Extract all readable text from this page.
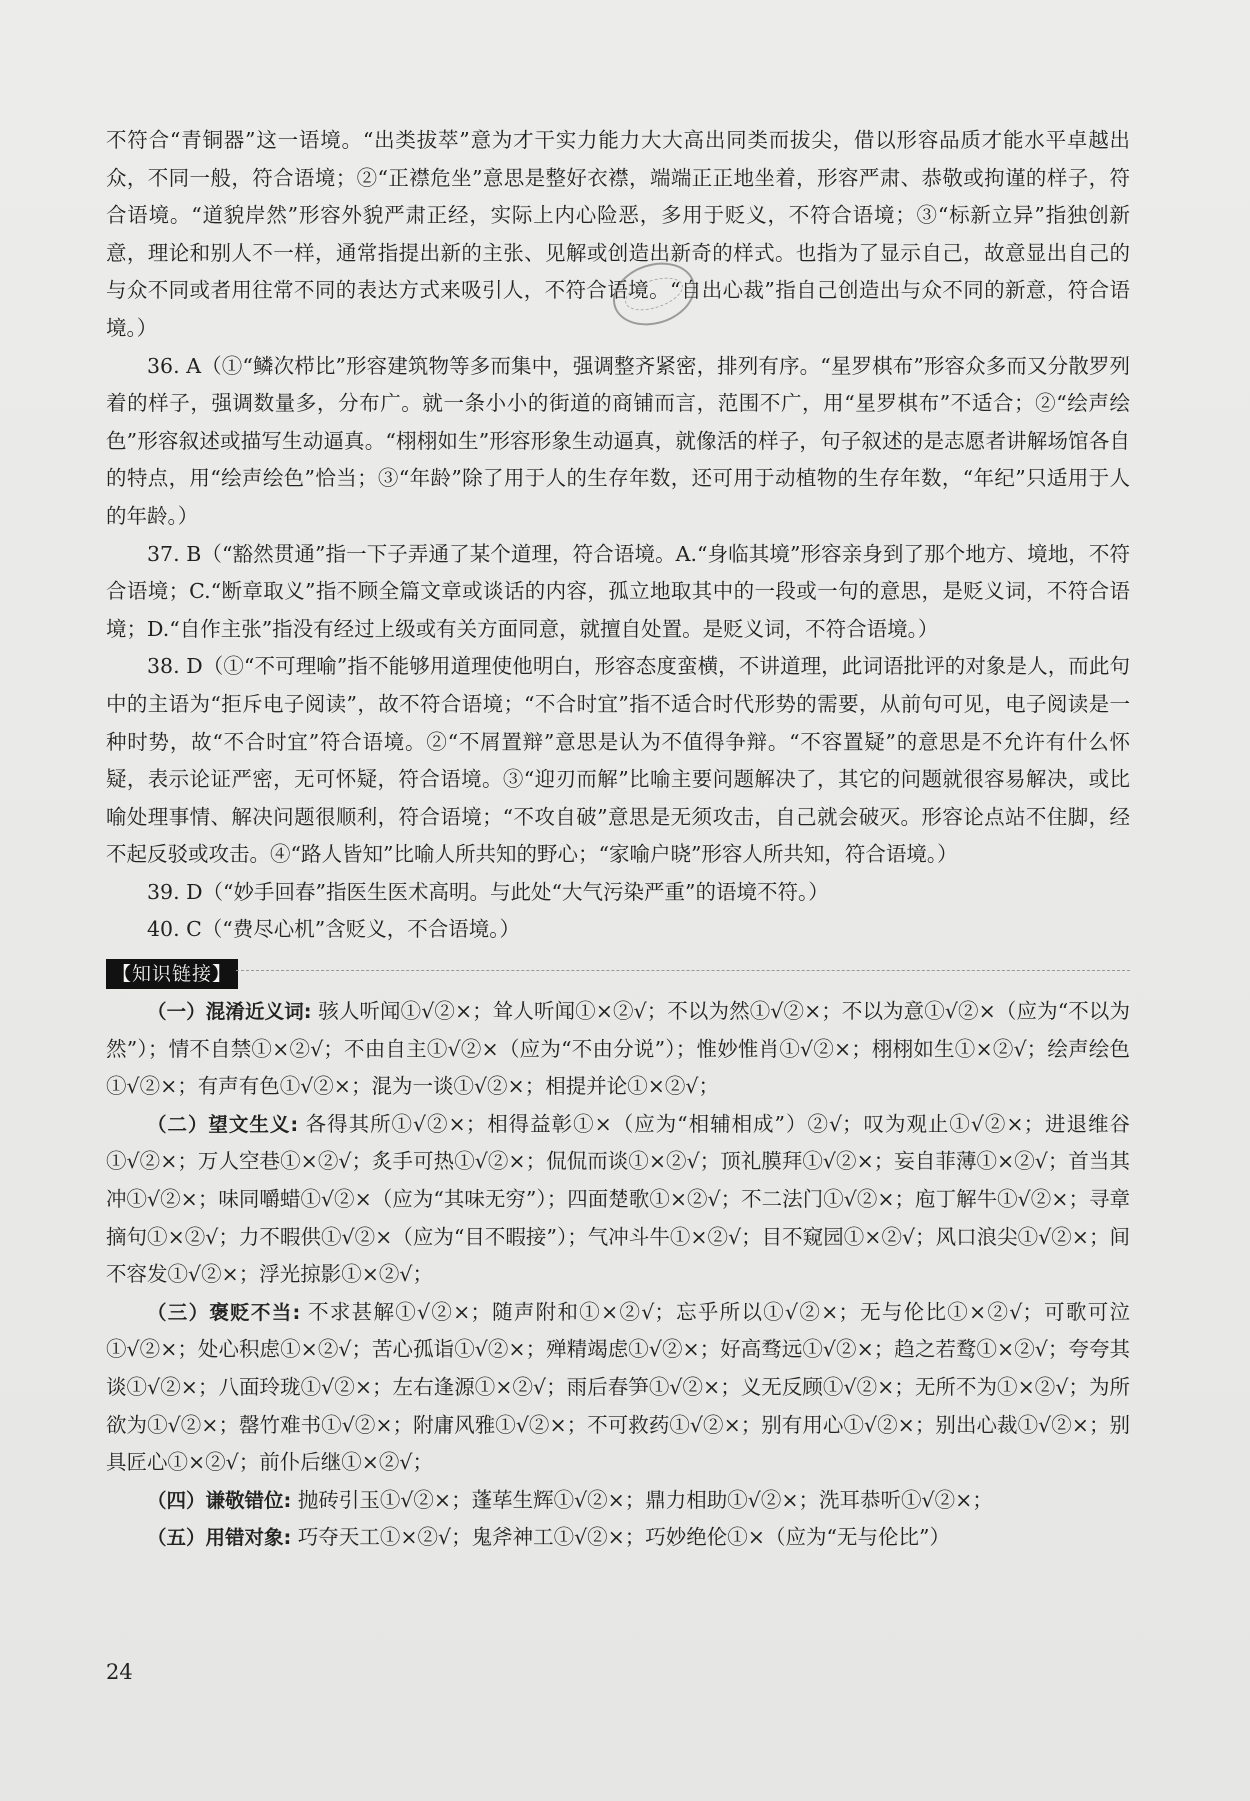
不符合“青铜器”这一语境。“出类拔萃”意为才干实力能力大大高出同类而拔尖，借以形容品质才能水平卓越出众，不同一般，符合语境；②“正襟危坐”意思是整好衣襟，端端正正地坐着，形容严肃、恭敬或拘谨的样子，符合语境。“道貌岸然”形容外貌严肃正经，实际上内心险恶，多用于贬义，不符合语境；③“标新立异”指独创新意，理论和别人不一样，通常指提出新的主张、见解或创造出新奇的样式。也指为了显示自己，故意显出自己的与众不同或者用往常不同的表达方式来吸引人，不符合语境。“自出心裁”指自己创造出与众不同的新意，符合语境。）

36. A（①“鳞次栉比”形容建筑物等多而集中，强调整齐紧密，排列有序。“星罗棋布”形容众多而又分散罗列着的样子，强调数量多，分布广。就一条小小的街道的商铺而言，范围不广，用“星罗棋布”不适合；②“绘声绘色”形容叙述或描写生动逼真。“栩栩如生”形容形象生动逼真，就像活的样子，句子叙述的是志愿者讲解场馆各自的特点，用“绘声绘色”恰当；③“年龄”除了用于人的生存年数，还可用于动植物的生存年数，“年纪”只适用于人的年龄。）

37. B（“豁然贯通”指一下子弄通了某个道理，符合语境。A.“身临其境”形容亲身到了那个地方、境地，不符合语境；C.“断章取义”指不顾全篇文章或谈话的内容，孤立地取其中的一段或一句的意思，是贬义词，不符合语境；D.“自作主张”指没有经过上级或有关方面同意，就擅自处置。是贬义词，不符合语境。）

38. D（①“不可理喻”指不能够用道理使他明白，形容态度蛮横，不讲道理，此词语批评的对象是人，而此句中的主语为“拒斥电子阅读”，故不符合语境；“不合时宜”指不适合时代形势的需要，从前句可见，电子阅读是一种时势，故“不合时宜”符合语境。②“不屑置辩”意思是认为不值得争辩。“不容置疑”的意思是不允许有什么怀疑，表示论证严密，无可怀疑，符合语境。③“迎刃而解”比喻主要问题解决了，其它的问题就很容易解决，或比喻处理事情、解决问题很顺利，符合语境；“不攻自破”意思是无须攻击，自己就会破灭。形容论点站不住脚，经不起反驳或攻击。④“路人皆知”比喻人所共知的野心；“家喻户晓”形容人所共知，符合语境。）

39. D（“妙手回春”指医生医术高明。与此处“大气污染严重”的语境不符。）

40. C（“费尽心机”含贬义，不合语境。）

【知识链接】

（一）混淆近义词: 骇人听闻①√②×；耸人听闻①×②√；不以为然①√②×；不以为意①√②×（应为“不以为然”）；情不自禁①×②√；不由自主①√②×（应为“不由分说”）；惟妙惟肖①√②×；栩栩如生①×②√；绘声绘色①√②×；有声有色①√②×；混为一谈①√②×；相提并论①×②√；

（二）望文生义: 各得其所①√②×；相得益彰①×（应为“相辅相成”）②√；叹为观止①√②×；进退维谷①√②×；万人空巷①×②√；炙手可热①√②×；侃侃而谈①×②√；顶礼膜拜①√②×；妄自菲薄①×②√；首当其冲①√②×；味同嚼蜡①√②×（应为“其味无穷”）；四面楚歌①×②√；不二法门①√②×；庖丁解牛①√②×；寻章摘句①×②√；力不暇供①√②×（应为“目不暇接”）；气冲斗牛①×②√；目不窥园①×②√；风口浪尖①√②×；间不容发①√②×；浮光掠影①×②√；

（三）褒贬不当: 不求甚解①√②×；随声附和①×②√；忘乎所以①√②×；无与伦比①×②√；可歌可泣①√②×；处心积虑①×②√；苦心孤诣①√②×；殚精竭虑①√②×；好高骛远①√②×；趋之若鹜①×②√；夸夸其谈①√②×；八面玲珑①√②×；左右逢源①×②√；雨后春笋①√②×；义无反顾①√②×；无所不为①×②√；为所欲为①√②×；罄竹难书①√②×；附庸风雅①√②×；不可救药①√②×；别有用心①√②×；别出心裁①√②×；别具匠心①×②√；前仆后继①×②√；

（四）谦敬错位: 抛砖引玉①√②×；蓬荜生辉①√②×；鼎力相助①√②×；洗耳恭听①√②×；

（五）用错对象: 巧夺天工①×②√；鬼斧神工①√②×；巧妙绝伦①×（应为“无与伦比”）

24
